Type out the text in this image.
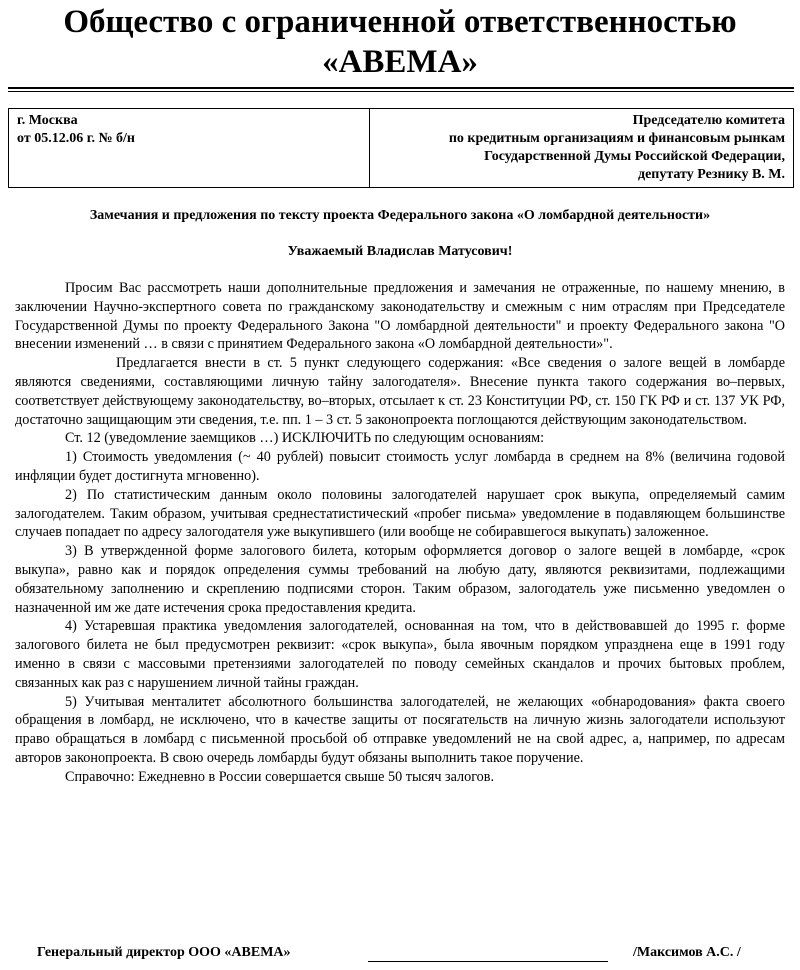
Общество с ограниченной ответственностью
«АВЕМА»
г. Москва
от 05.12.06 г. № б/н
Председателю комитета
по кредитным организациям и финансовым рынкам
Государственной Думы Российской Федерации,
депутату Резнику В. М.
Замечания и предложения по тексту проекта Федерального закона «О ломбардной деятельности»
Уважаемый Владислав Матусович!

Просим Вас рассмотреть наши дополнительные предложения и замечания не отраженные, по нашему мнению, в заключении Научно-экспертного совета по гражданскому законодательству и смежным с ним отраслям при Председателе Государственной Думы по проекту Федерального Закона "О ломбардной деятельности" и проекту Федерального закона "О внесении изменений … в связи с принятием Федерального закона «О ломбардной деятельности»".

Предлагается внести в ст. 5 пункт следующего содержания: «Все сведения о залоге вещей в ломбарде являются сведениями, составляющими личную тайну залогодателя». Внесение пункта такого содержания во–первых, соответствует действующему законодательству, во–вторых, отсылает к ст. 23 Конституции РФ, ст. 150 ГК РФ и ст. 137 УК РФ, достаточно защищающим эти сведения, т.е. пп. 1 – 3 ст. 5 законопроекта поглощаются действующим законодательством.

Ст. 12 (уведомление заемщиков …) ИСКЛЮЧИТЬ по следующим основаниям:

1) Стоимость уведомления (~ 40 рублей) повысит стоимость услуг ломбарда в среднем на 8% (величина годовой инфляции будет достигнута мгновенно).

2) По статистическим данным около половины залогодателей нарушает срок выкупа, определяемый самим залогодателем. Таким образом, учитывая среднестатистический «пробег письма» уведомление в подавляющем большинстве случаев попадает по адресу залогодателя уже выкупившего (или вообще не собиравшегося выкупать) заложенное.

3) В утвержденной форме залогового билета, которым оформляется договор о залоге вещей в ломбарде, «срок выкупа», равно как и порядок определения суммы требований на любую дату, являются реквизитами, подлежащими обязательному заполнению и скреплению подписями сторон. Таким образом, залогодатель уже письменно уведомлен о назначенной им же дате истечения срока предоставления кредита.

4) Устаревшая практика уведомления залогодателей, основанная на том, что в действовавшей до 1995 г. форме залогового билета не был предусмотрен реквизит: «срок выкупа», была явочным порядком упразднена еще в 1991 году именно в связи с массовыми претензиями залогодателей по поводу семейных скандалов и прочих бытовых проблем, связанных как раз с нарушением личной тайны граждан.

5) Учитывая менталитет абсолютного большинства залогодателей, не желающих «обнародования» факта своего обращения в ломбард, не исключено, что в качестве защиты от посягательств на личную жизнь залогодатели используют право обращаться в ломбард с письменной просьбой об отправке уведомлений не на свой адрес, а, например, по адресам авторов законопроекта. В свою очередь ломбарды будут обязаны выполнить такое поручение.

Справочно: Ежедневно в России совершается свыше 50 тысяч залогов.

Генеральный директор ООО «АВЕМА»	/Максимов А.С. /
